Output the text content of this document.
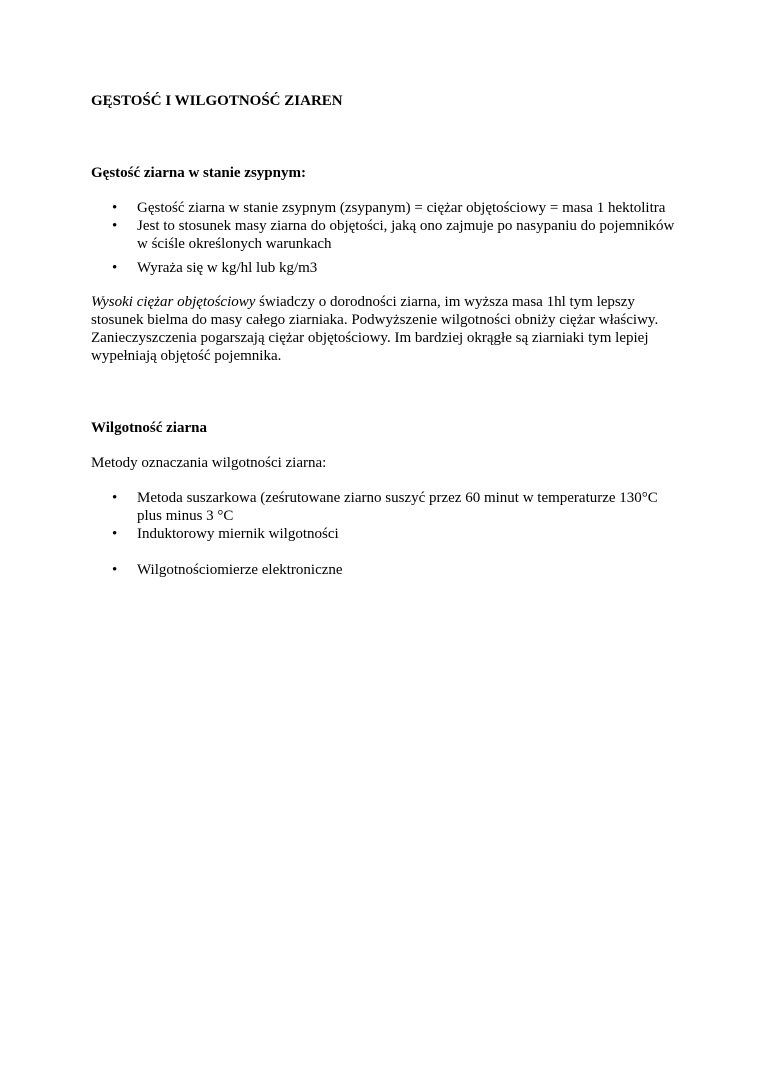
GĘSTOŚĆ I WILGOTNOŚĆ ZIAREN
Gęstość ziarna w stanie zsypnym:
• Gęstość ziarna w stanie zsypnym (zsypanym) = ciężar objętościowy = masa 1 hektolitra
• Jest to stosunek masy ziarna do objętości, jaką ono zajmuje po nasypaniu do pojemników w ściśle określonych warunkach
• Wyraża się w kg/hl lub kg/m3

Wysoki ciężar objętościowy świadczy o dorodności ziarna, im wyższa masa 1hl tym lepszy stosunek bielma do masy całego ziarniaka. Podwyższenie wilgotności obniży ciężar właściwy. Zanieczyszczenia pogarszają ciężar objętościowy. Im bardziej okrągłe są ziarniaki tym lepiej wypełniają objętość pojemnika.

Wilgotność ziarna

Metody oznaczania wilgotności ziarna:

• Metoda suszarkowa (ześrutowane ziarno suszyć przez 60 minut w temperaturze 130°C plus minus 3 °C
• Induktorowy miernik wilgotności
• Wilgotnościomierze elektroniczne
